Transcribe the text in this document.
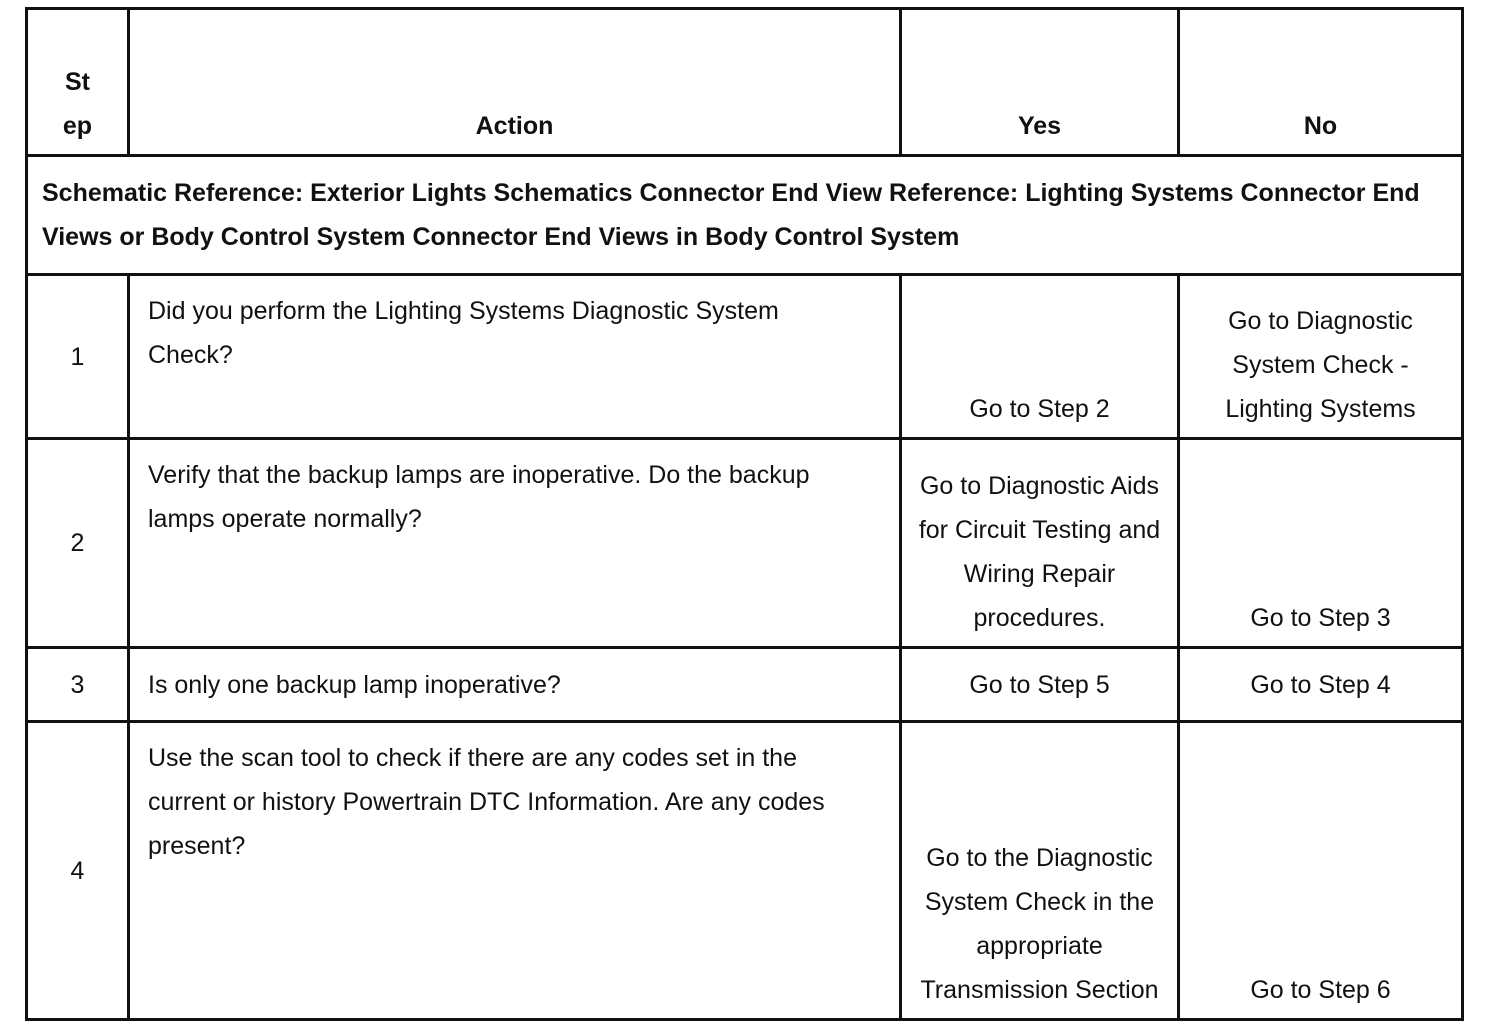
St
ep	Action	Yes	No
Schematic Reference: Exterior Lights Schematics Connector End View Reference: Lighting Systems Connector End Views or Body Control System Connector End Views in Body Control System			
1	Did you perform the Lighting Systems Diagnostic System Check?	Go to Step 2	Go to Diagnostic System Check - Lighting Systems
2	Verify that the backup lamps are inoperative. Do the backup lamps operate normally?	Go to Diagnostic Aids for Circuit Testing and Wiring Repair procedures.	Go to Step 3
3	Is only one backup lamp inoperative?	Go to Step 5	Go to Step 4
4	Use the scan tool to check if there are any codes set in the current or history Powertrain DTC Information. Are any codes present?	Go to the Diagnostic System Check in the appropriate Transmission Section	Go to Step 6
